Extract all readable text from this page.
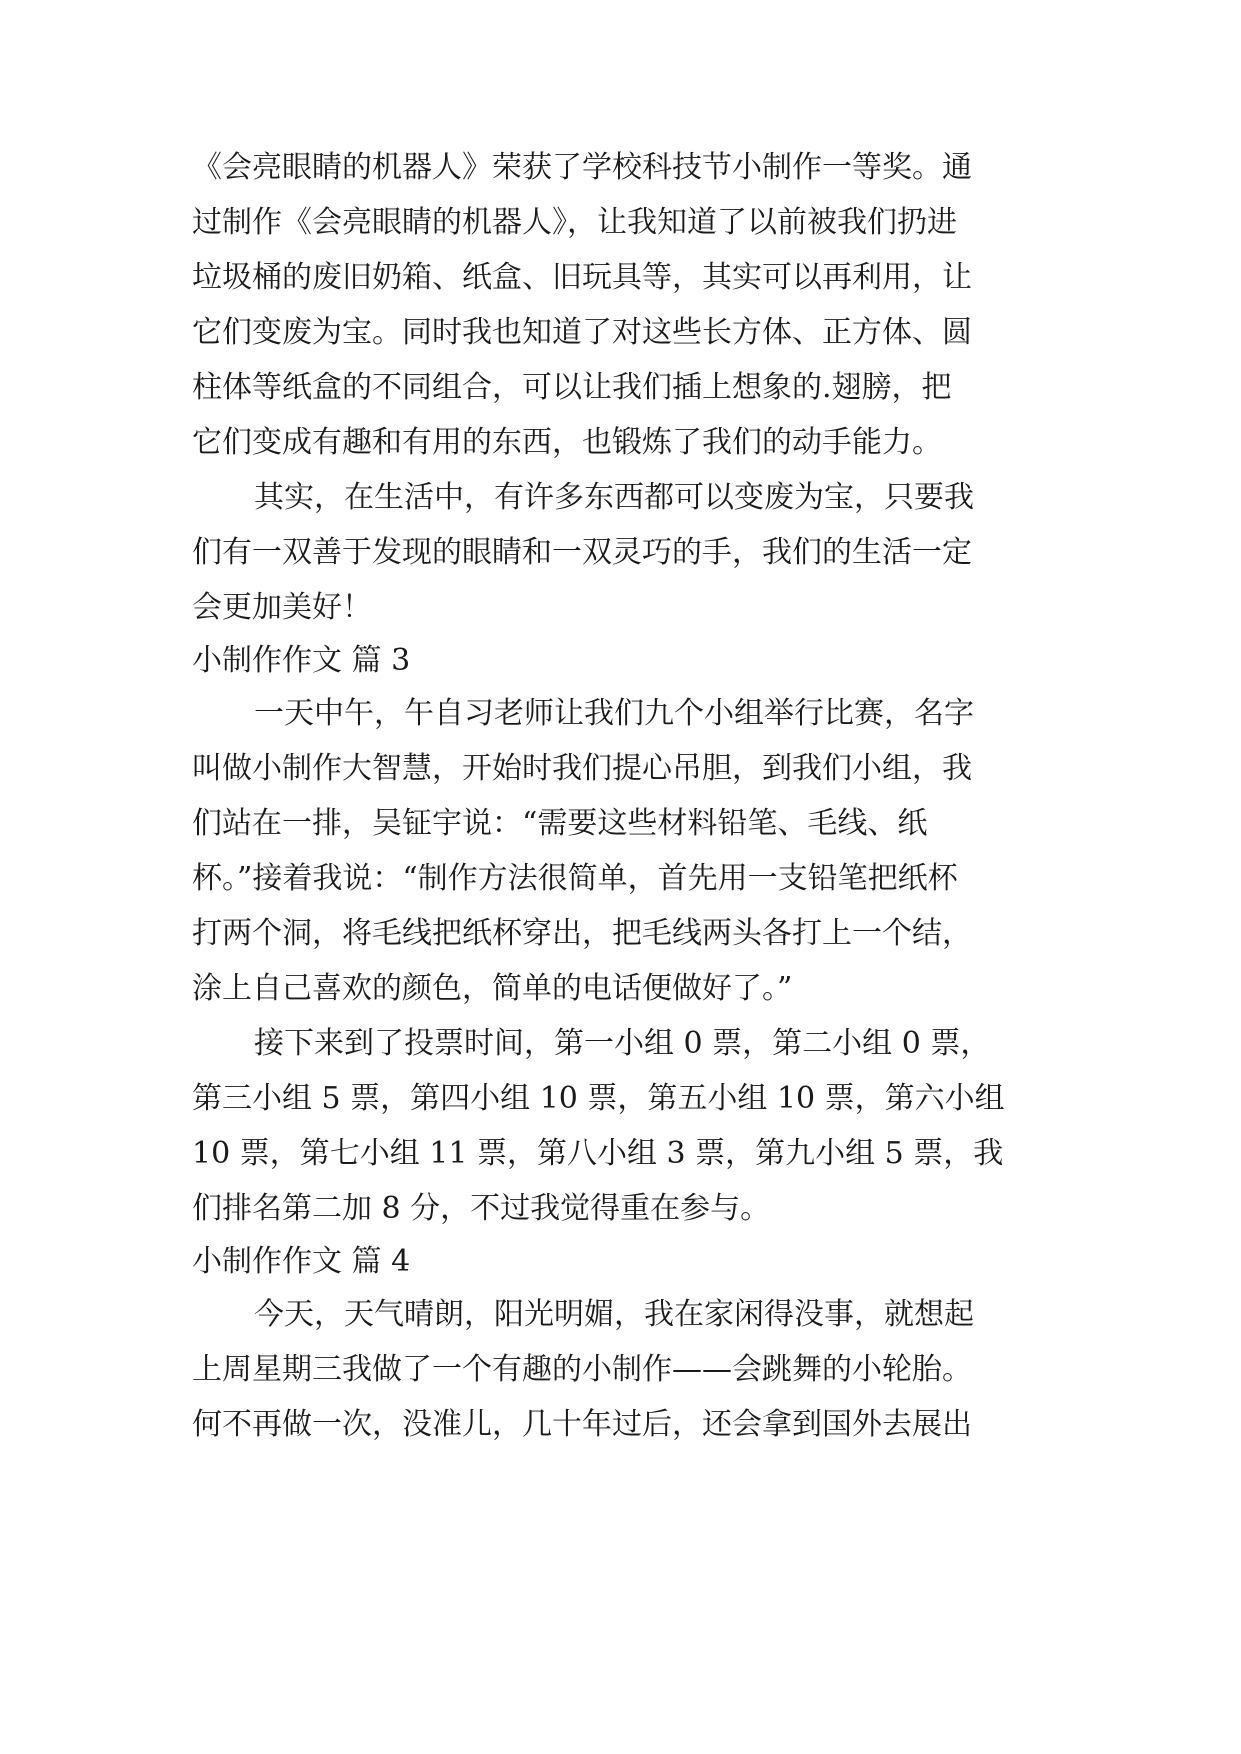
《会亮眼睛的机器人》荣获了学校科技节小制作一等奖。通
过制作《会亮眼睛的机器人》，让我知道了以前被我们扔进
垃圾桶的废旧奶箱、纸盒、旧玩具等，其实可以再利用，让
它们变废为宝。同时我也知道了对这些长方体、正方体、圆
柱体等纸盒的不同组合，可以让我们插上想象的.翅膀，把
它们变成有趣和有用的东西，也锻炼了我们的动手能力。
其实，在生活中，有许多东西都可以变废为宝，只要我
们有一双善于发现的眼睛和一双灵巧的手，我们的生活一定
会更加美好！
小制作作文 篇 3
一天中午，午自习老师让我们九个小组举行比赛，名字
叫做小制作大智慧，开始时我们提心吊胆，到我们小组，我
们站在一排，吴钲宇说：“需要这些材料铅笔、毛线、纸
杯。”接着我说：“制作方法很简单，首先用一支铅笔把纸杯
打两个洞，将毛线把纸杯穿出，把毛线两头各打上一个结，
涂上自己喜欢的颜色，简单的电话便做好了。”
接下来到了投票时间，第一小组 0 票，第二小组 0 票，
第三小组 5 票，第四小组 10 票，第五小组 10 票，第六小组
10 票，第七小组 11 票，第八小组 3 票，第九小组 5 票，我
们排名第二加 8 分，不过我觉得重在参与。
小制作作文 篇 4
今天，天气晴朗，阳光明媚，我在家闲得没事，就想起
上周星期三我做了一个有趣的小制作——会跳舞的小轮胎。
何不再做一次，没准儿，几十年过后，还会拿到国外去展出
